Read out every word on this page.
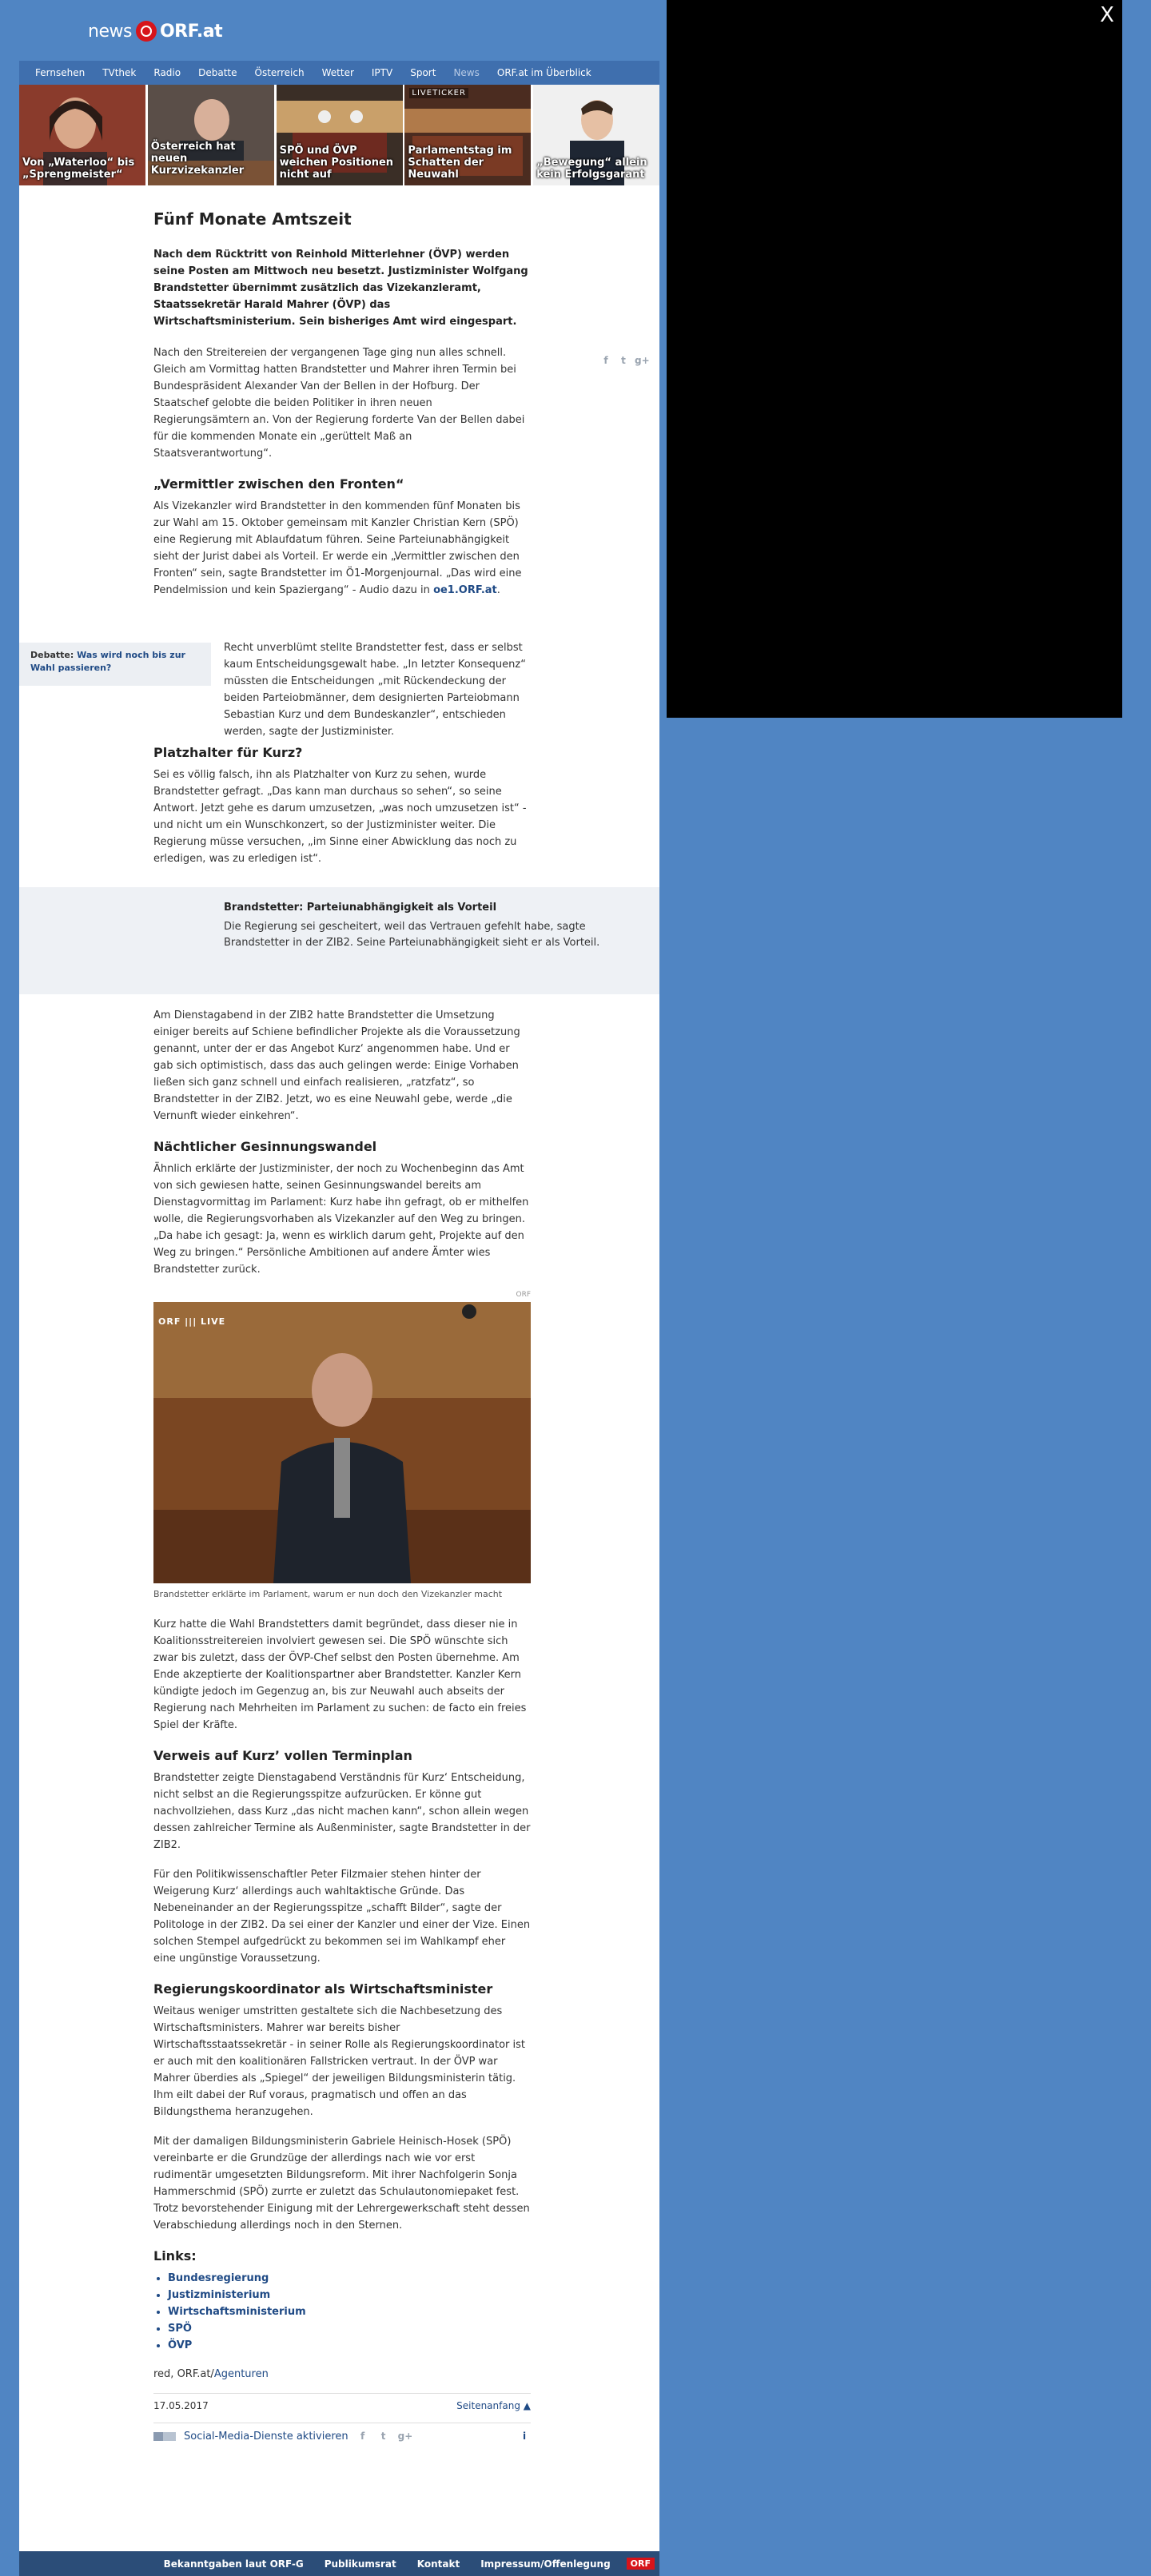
news ORF.at
Fernsehen TVthek Radio Debatte Österreich Wetter IPTV Sport News ORF.at im Überblick
Von „Waterloo“ bis „Sprengmeister“
Österreich hat neuen Kurzvizekanzler
SPÖ und ÖVP weichen Positionen nicht auf
LIVETICKER
Parlamentstag im Schatten der Neuwahl
„Bewegung“ allein kein Erfolgsgarant
f	t g+
Fünf Monate Amtszeit

Nach dem Rücktritt von Reinhold Mitterlehner (ÖVP) werden seine Posten am Mittwoch neu besetzt. Justizminister Wolfgang Brandstetter übernimmt zusätzlich das Vizekanzleramt, Staatssekretär Harald Mahrer (ÖVP) das Wirtschaftsministerium. Sein bisheriges Amt wird eingespart.

Nach den Streitereien der vergangenen Tage ging nun alles schnell. Gleich am Vormittag hatten Brandstetter und Mahrer ihren Termin bei Bundespräsident Alexander Van der Bellen in der Hofburg. Der Staatschef gelobte die beiden Politiker in ihren neuen Regierungsämtern an. Von der Regierung forderte Van der Bellen dabei für die kommenden Monate ein „gerüttelt Maß an Staatsverantwortung“.

„Vermittler zwischen den Fronten“

Als Vizekanzler wird Brandstetter in den kommenden fünf Monaten bis zur Wahl am 15. Oktober gemeinsam mit Kanzler Christian Kern (SPÖ) eine Regierung mit Ablaufdatum führen. Seine Parteiunabhängigkeit sieht der Jurist dabei als Vorteil. Er werde ein „Vermittler zwischen den Fronten“ sein, sagte Brandstetter im Ö1-Morgenjournal. „Das wird eine Pendelmission und kein Spaziergang“ - Audio dazu in oe1.ORF.at.

Debatte: Was wird noch bis zur Wahl passieren?

Recht unverblümt stellte Brandstetter fest, dass er selbst kaum Entscheidungsgewalt habe. „In letzter Konsequenz“ müssten die Entscheidungen „mit Rückendeckung der beiden Parteiobmänner, dem designierten Parteiobmann Sebastian Kurz und dem Bundeskanzler“, entschieden werden, sagte der Justizminister.

Platzhalter für Kurz?

Sei es völlig falsch, ihn als Platzhalter von Kurz zu sehen, wurde Brandstetter gefragt. „Das kann man durchaus so sehen“, so seine Antwort. Jetzt gehe es darum umzusetzen, „was noch umzusetzen ist“ - und nicht um ein Wunschkonzert, so der Justizminister weiter. Die Regierung müsse versuchen, „im Sinne einer Abwicklung das noch zu erledigen, was zu erledigen ist“.

Brandstetter: Parteiunabhängigkeit als Vorteil
Die Regierung sei gescheitert, weil das Vertrauen gefehlt habe, sagte Brandstetter in der ZIB2. Seine Parteiunabhängigkeit sieht er als Vorteil.

Am Dienstagabend in der ZIB2 hatte Brandstetter die Umsetzung einiger bereits auf Schiene befindlicher Projekte als die Voraussetzung genannt, unter der er das Angebot Kurz‘ angenommen habe. Und er gab sich optimistisch, dass das auch gelingen werde: Einige Vorhaben ließen sich ganz schnell und einfach realisieren, „ratzfatz“, so Brandstetter in der ZIB2. Jetzt, wo es eine Neuwahl gebe, werde „die Vernunft wieder einkehren“.

Nächtlicher Gesinnungswandel

Ähnlich erklärte der Justizminister, der noch zu Wochenbeginn das Amt von sich gewiesen hatte, seinen Gesinnungswandel bereits am Dienstagvormittag im Parlament: Kurz habe ihn gefragt, ob er mithelfen wolle, die Regierungsvorhaben als Vizekanzler auf den Weg zu bringen. „Da habe ich gesagt: Ja, wenn es wirklich darum geht, Projekte auf den Weg zu bringen.“ Persönliche Ambitionen auf andere Ämter wies Brandstetter zurück.

ORF
ORF ||| LIVE
Brandstetter erklärte im Parlament, warum er nun doch den Vizekanzler macht

Kurz hatte die Wahl Brandstetters damit begründet, dass dieser nie in Koalitionsstreitereien involviert gewesen sei. Die SPÖ wünschte sich zwar bis zuletzt, dass der ÖVP-Chef selbst den Posten übernehme. Am Ende akzeptierte der Koalitionspartner aber Brandstetter. Kanzler Kern kündigte jedoch im Gegenzug an, bis zur Neuwahl auch abseits der Regierung nach Mehrheiten im Parlament zu suchen: de facto ein freies Spiel der Kräfte.

Verweis auf Kurz’ vollen Terminplan

Brandstetter zeigte Dienstagabend Verständnis für Kurz‘ Entscheidung, nicht selbst an die Regierungsspitze aufzurücken. Er könne gut nachvollziehen, dass Kurz „das nicht machen kann“, schon allein wegen dessen zahlreicher Termine als Außenminister, sagte Brandstetter in der ZIB2.

Für den Politikwissenschaftler Peter Filzmaier stehen hinter der Weigerung Kurz‘ allerdings auch wahltaktische Gründe. Das Nebeneinander an der Regierungsspitze „schafft Bilder“, sagte der Politologe in der ZIB2. Da sei einer der Kanzler und einer der Vize. Einen solchen Stempel aufgedrückt zu bekommen sei im Wahlkampf eher eine ungünstige Voraussetzung.

Regierungskoordinator als Wirtschaftsminister

Weitaus weniger umstritten gestaltete sich die Nachbesetzung des Wirtschaftsministers. Mahrer war bereits bisher Wirtschaftsstaatssekretär - in seiner Rolle als Regierungskoordinator ist er auch mit den koalitionären Fallstricken vertraut. In der ÖVP war Mahrer überdies als „Spiegel“ der jeweiligen Bildungsministerin tätig. Ihm eilt dabei der Ruf voraus, pragmatisch und offen an das Bildungsthema heranzugehen.

Mit der damaligen Bildungsministerin Gabriele Heinisch-Hosek (SPÖ) vereinbarte er die Grundzüge der allerdings nach wie vor erst rudimentär umgesetzten Bildungsreform. Mit ihrer Nachfolgerin Sonja Hammerschmid (SPÖ) zurrte er zuletzt das Schulautonomiepaket fest. Trotz bevorstehender Einigung mit der Lehrergewerkschaft steht dessen Verabschiedung allerdings noch in den Sternen.

Links:
• Bundesregierung
• Justizministerium
• Wirtschaftsministerium
• SPÖ
• ÖVP
red, ORF.at/Agenturen
17.05.2017	Seitenanfang ▲
Social-Media-Dienste aktivieren	f	t	g+	i
Bekanntgaben laut ORF-G Publikumsrat Kontakt Impressum/Offenlegung	ORF
X
